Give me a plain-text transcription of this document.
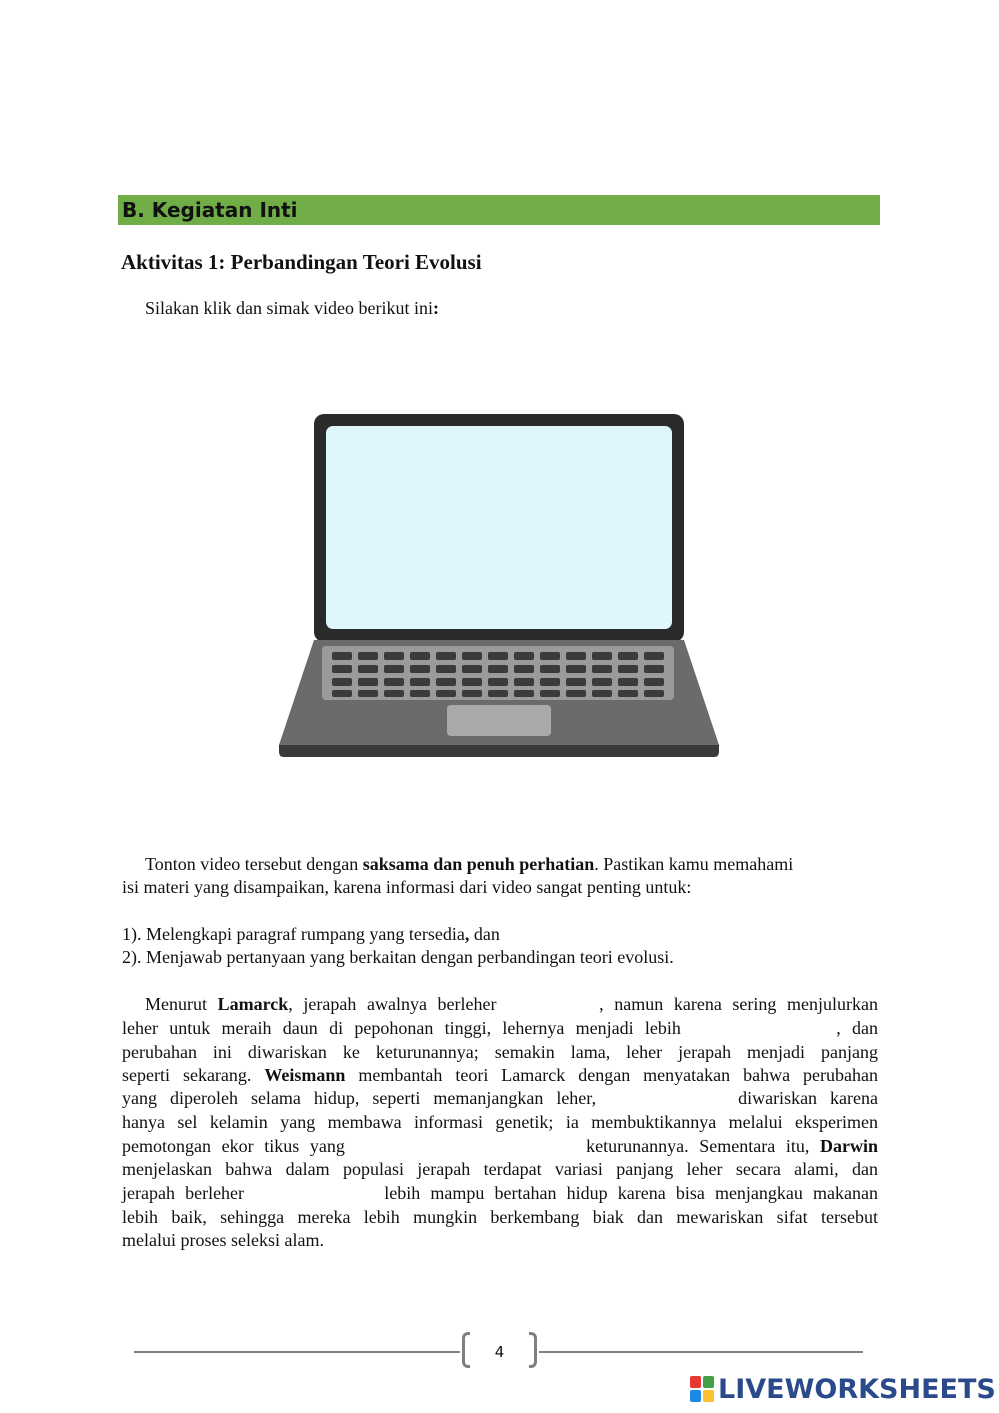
B. Kegiatan Inti
Aktivitas 1: Perbandingan Teori Evolusi
Silakan klik dan simak video berikut ini:
Tonton video tersebut dengan saksama dan penuh perhatian. Pastikan kamu memahami
isi materi yang disampaikan, karena informasi dari video sangat penting untuk:
1). Melengkapi paragraf rumpang yang tersedia, dan
2). Menjawab pertanyaan yang berkaitan dengan perbandingan teori evolusi.
Menurut Lamarck, jerapah awalnya berleher	, namun karena sering menjulurkan
leher untuk meraih daun di pepohonan tinggi, lehernya menjadi lebih	, dan
perubahan ini diwariskan ke keturunannya; semakin lama, leher jerapah menjadi panjang
seperti sekarang. Weismann membantah teori Lamarck dengan menyatakan bahwa perubahan
yang diperoleh selama hidup, seperti memanjangkan leher,	diwariskan karena
hanya sel kelamin yang membawa informasi genetik; ia membuktikannya melalui eksperimen
pemotongan ekor tikus yang	keturunannya. Sementara itu, Darwin
menjelaskan bahwa dalam populasi jerapah terdapat variasi panjang leher secara alami, dan
jerapah berleher	lebih mampu bertahan hidup karena bisa menjangkau makanan
lebih baik, sehingga mereka lebih mungkin berkembang biak dan mewariskan sifat tersebut
melalui proses seleksi alam.
4
LIVEWORKSHEETS
